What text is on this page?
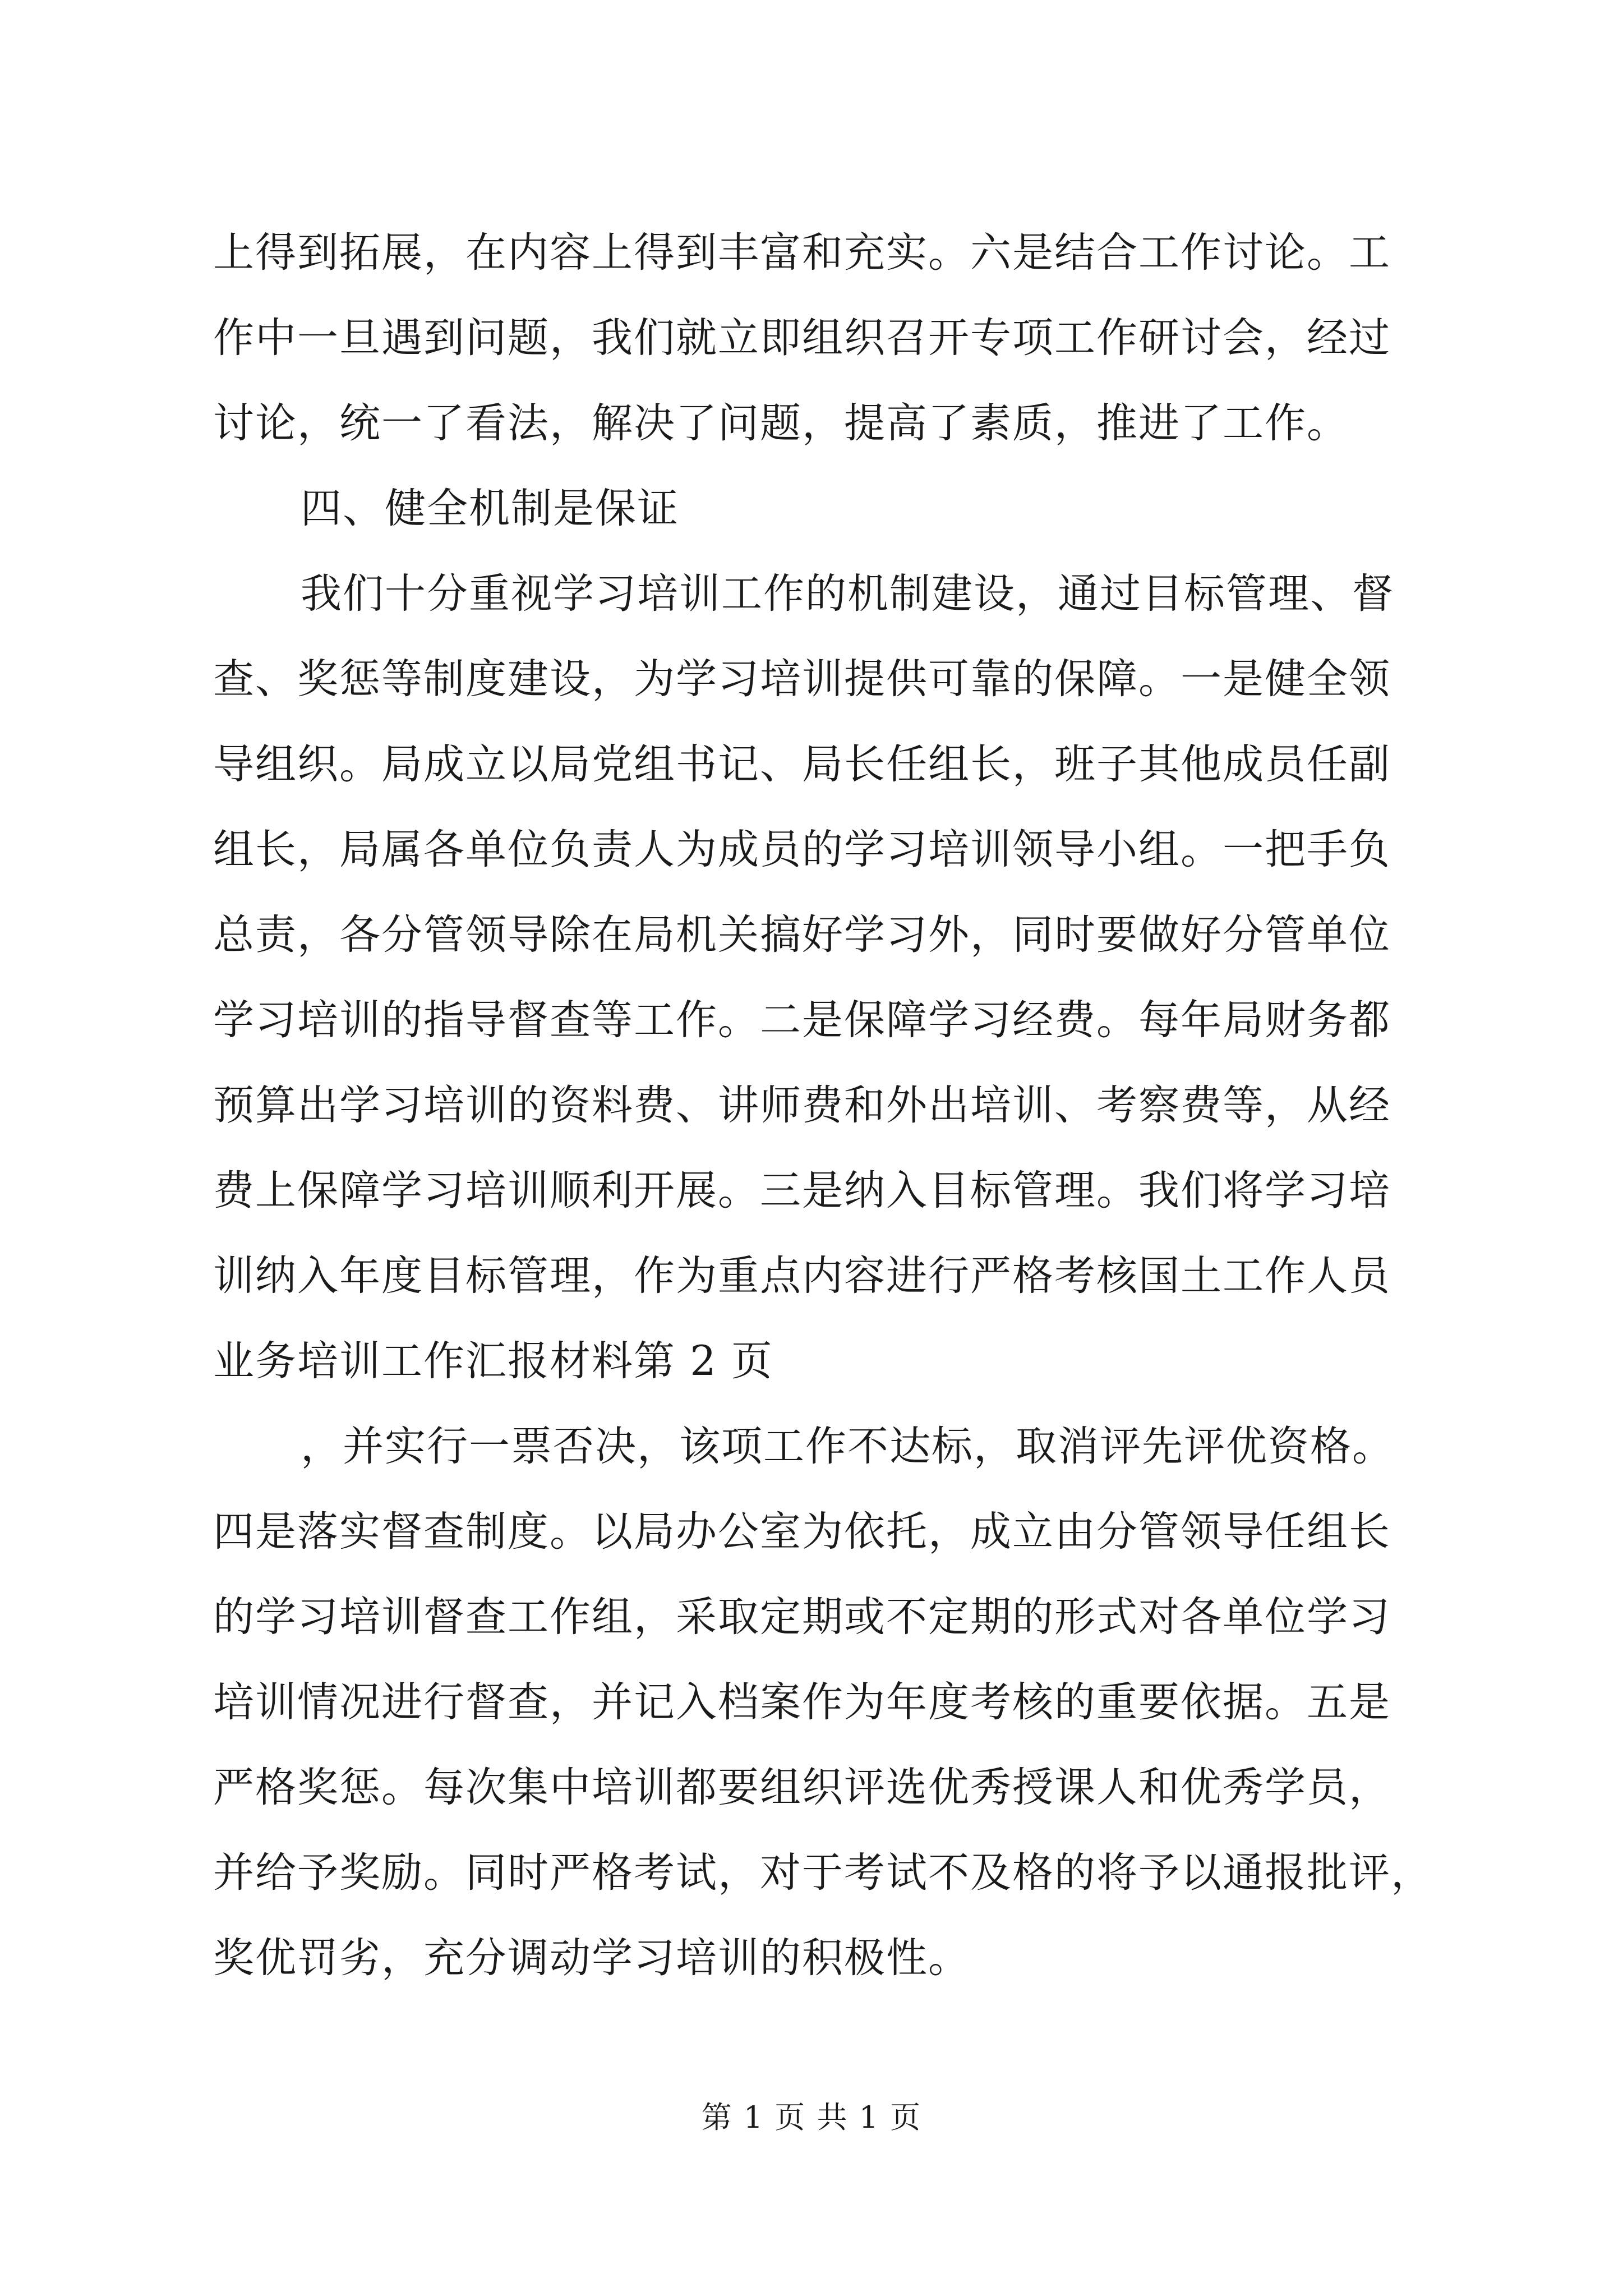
上得到拓展，在内容上得到丰富和充实。六是结合工作讨论。工
作中一旦遇到问题，我们就立即组织召开专项工作研讨会，经过
讨论，统一了看法，解决了问题，提高了素质，推进了工作。
四、健全机制是保证
我们十分重视学习培训工作的机制建设，通过目标管理、督
查、奖惩等制度建设，为学习培训提供可靠的保障。一是健全领
导组织。局成立以局党组书记、局长任组长，班子其他成员任副
组长，局属各单位负责人为成员的学习培训领导小组。一把手负
总责，各分管领导除在局机关搞好学习外，同时要做好分管单位
学习培训的指导督查等工作。二是保障学习经费。每年局财务都
预算出学习培训的资料费、讲师费和外出培训、考察费等，从经
费上保障学习培训顺利开展。三是纳入目标管理。我们将学习培
训纳入年度目标管理，作为重点内容进行严格考核国土工作人员
业务培训工作汇报材料第 2 页
，并实行一票否决，该项工作不达标，取消评先评优资格。
四是落实督查制度。以局办公室为依托，成立由分管领导任组长
的学习培训督查工作组，采取定期或不定期的形式对各单位学习
培训情况进行督查，并记入档案作为年度考核的重要依据。五是
严格奖惩。每次集中培训都要组织评选优秀授课人和优秀学员，
并给予奖励。同时严格考试，对于考试不及格的将予以通报批评，
奖优罚劣，充分调动学习培训的积极性。
第 1 页 共 1 页
